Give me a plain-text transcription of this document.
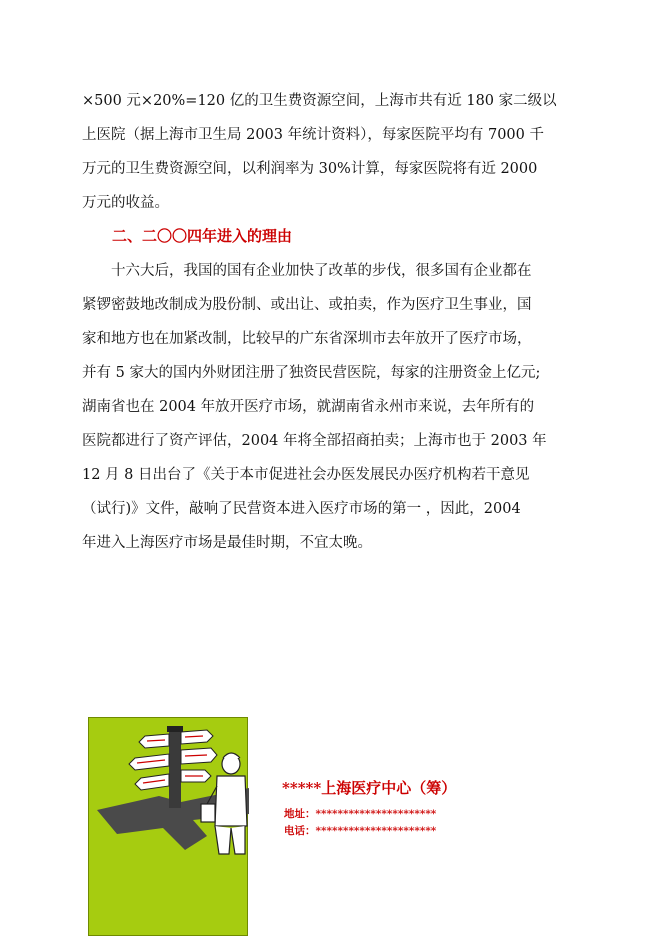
×500 元×20%=120 亿的卫生费资源空间，上海市共有近 180 家二级以
上医院（据上海市卫生局 2003 年统计资料），每家医院平均有 7000 千
万元的卫生费资源空间，以利润率为 30%计算，每家医院将有近 2000
万元的收益。
二、二〇〇四年进入的理由
十六大后，我国的国有企业加快了改革的步伐，很多国有企业都在
紧锣密鼓地改制成为股份制、或出让、或拍卖，作为医疗卫生事业，国
家和地方也在加紧改制，比较早的广东省深圳市去年放开了医疗市场，
并有 5 家大的国内外财团注册了独资民营医院，每家的注册资金上亿元;
湖南省也在 2004 年放开医疗市场，就湖南省永州市来说，去年所有的
医院都进行了资产评估，2004 年将全部招商拍卖；上海市也于 2003 年
12 月 8 日出台了《关于本市促进社会办医发展民办医疗机构若干意见
（试行)》文件，敲响了民营资本进入医疗市场的第一 ，因此，2004
年进入上海医疗市场是最佳时期，不宜太晚。
*****上海医疗中心（筹）
地址：**********************
电话：**********************
